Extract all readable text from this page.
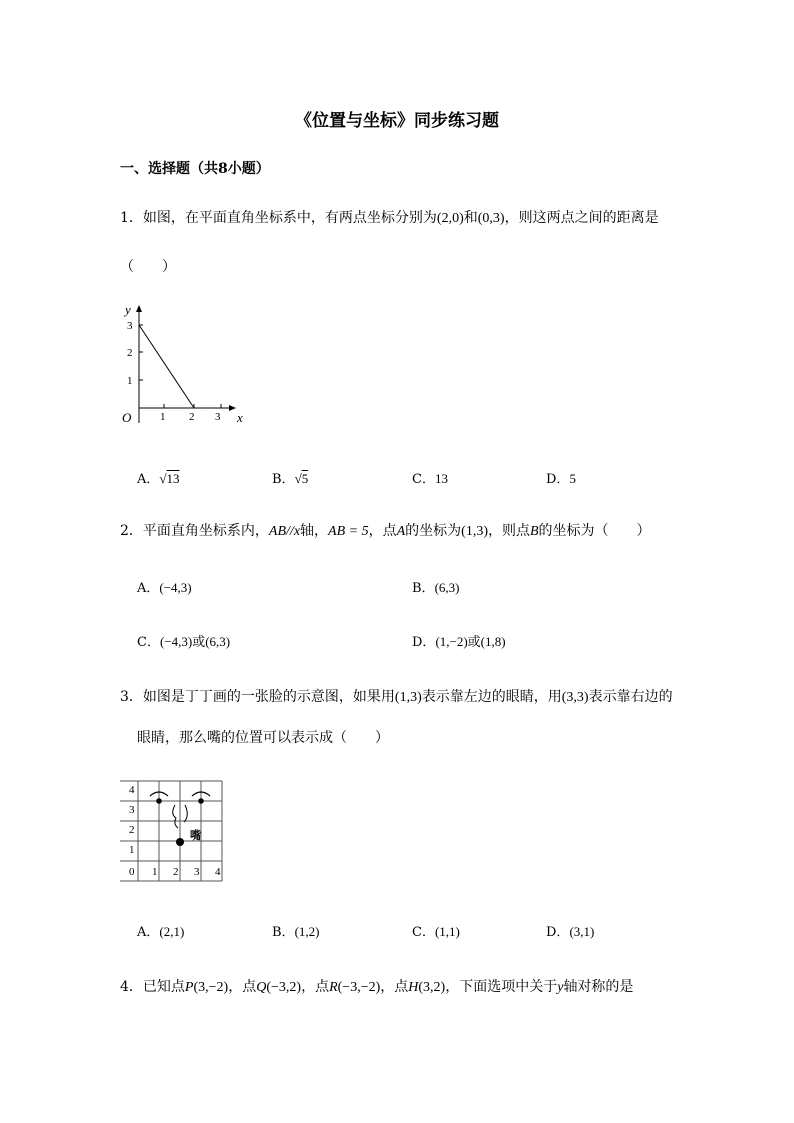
《位置与坐标》同步练习题
一、选择题（共8小题）
1．如图，在平面直角坐标系中，有两点坐标分别为(2,0)和(0,3)，则这两点之间的距离是
（　　）
y
x
O
1
2
3
1 2 3
A．√13	B．√5	C．13	D．5
2．平面直角坐标系内，AB//x轴，AB = 5，点A的坐标为(1,3)，则点B的坐标为（　　）
A．(−4,3)	B．(6,3)
C．(−4,3)或(6,3)	D．(1,−2)或(1,8)
3．如图是丁丁画的一张脸的示意图，如果用(1,3)表示靠左边的眼睛，用(3,3)表示靠右边的
眼睛，那么嘴的位置可以表示成（　　）
4
3
2
1
0 1 2 3 4
嘴
A．(2,1)	B．(1,2)	C．(1,1)	D．(3,1)
4．已知点P(3,−2)，点Q(−3,2)，点R(−3,−2)，点H(3,2)，下面选项中关于y轴对称的是
